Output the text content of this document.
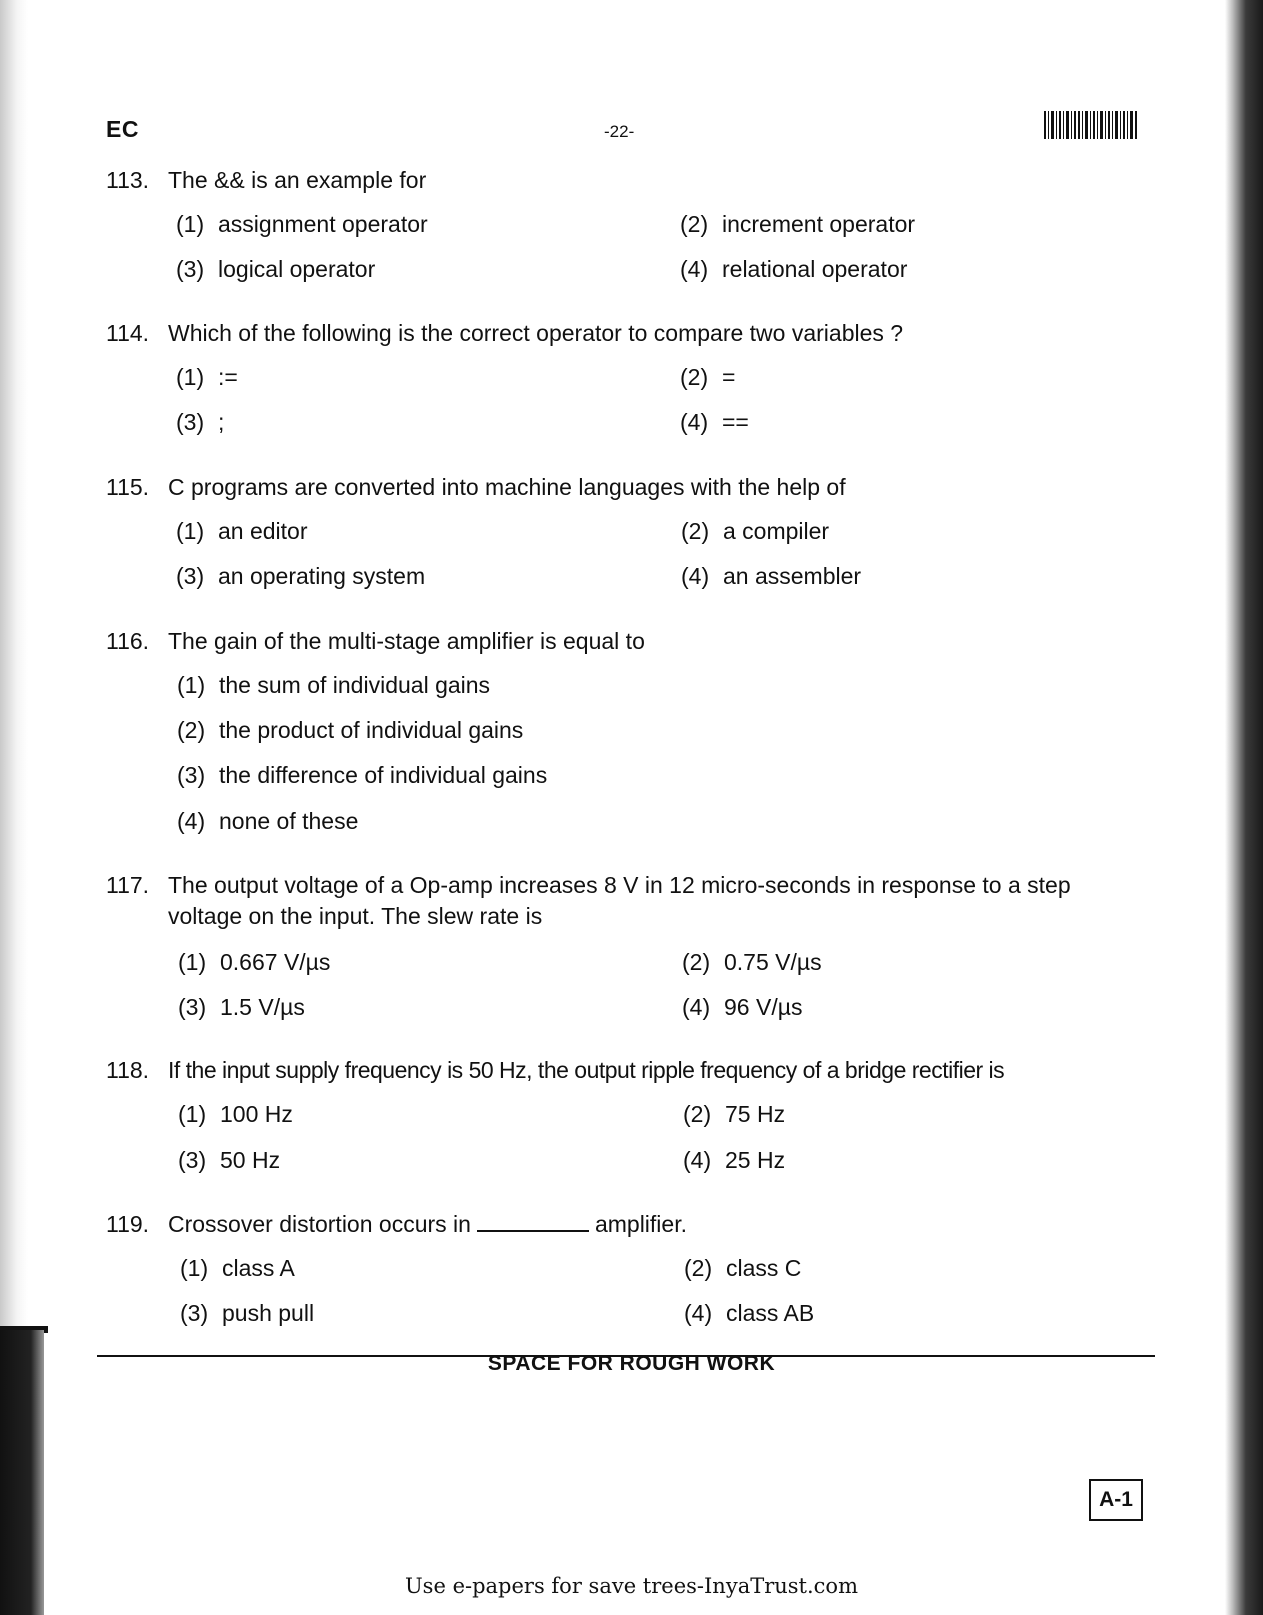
EC	-22-
113. The && is an example for
(1) assignment operator	(2) increment operator
(3) logical operator	(4) relational operator
114. Which of the following is the correct operator to compare two variables ?
(1) :=	(2) =
(3) ;	(4) ==
115. C programs are converted into machine languages with the help of
(1) an editor	(2) a compiler
(3) an operating system	(4) an assembler
116. The gain of the multi-stage amplifier is equal to
(1) the sum of individual gains
(2) the product of individual gains
(3) the difference of individual gains
(4) none of these
117. The output voltage of a Op-amp increases 8 V in 12 micro-seconds in response to a step voltage on the input. The slew rate is
(1) 0.667 V/µs	(2) 0.75 V/µs
(3) 1.5 V/µs	(4) 96 V/µs
118. If the input supply frequency is 50 Hz, the output ripple frequency of a bridge rectifier is
(1) 100 Hz	(2) 75 Hz
(3) 50 Hz	(4) 25 Hz
119. Crossover distortion occurs in	amplifier.
(1) class A	(2) class C
(3) push pull	(4) class AB
SPACE FOR ROUGH WORK
A-1
Use e-papers for save trees-InyaTrust.com
